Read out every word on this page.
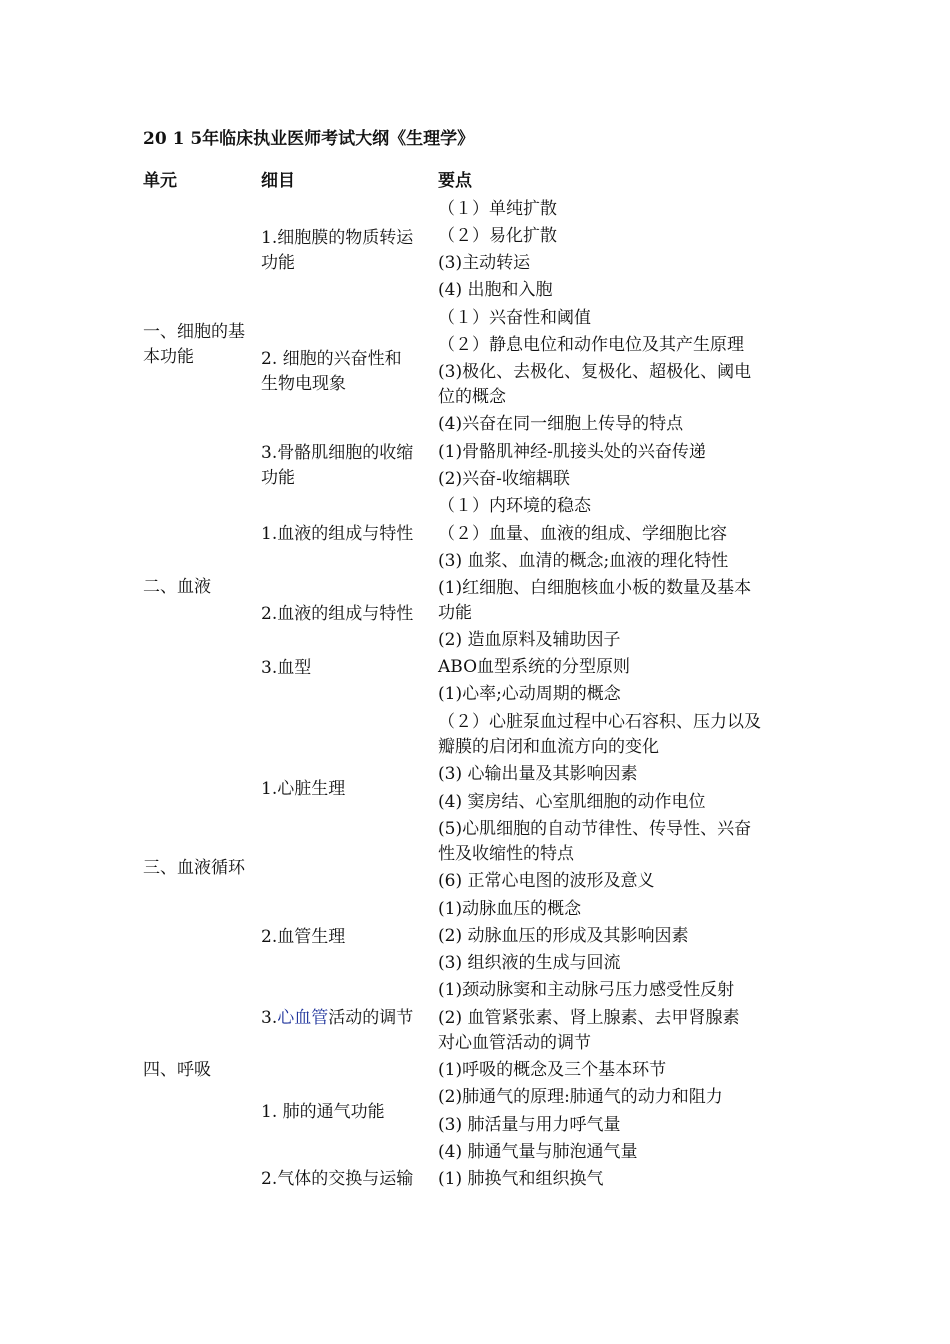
20 1 5年临床执业医师考试大纲《生理学》
单元	细目	要点
一、细胞的基
本功能
二、血液
三、血液循环
四、呼吸
1.细胞膜的物质转运
功能
2. 细胞的兴奋性和
生物电现象
3.骨骼肌细胞的收缩
功能
1.血液的组成与特性
2.血液的组成与特性
3.血型
1.心脏生理
2.血管生理
3.心血管活动的调节
1. 肺的通气功能
2.气体的交换与运输
（１）单纯扩散
（２）易化扩散
(3)主动转运
(4) 出胞和入胞
（１）兴奋性和阈值
（２）静息电位和动作电位及其产生原理
(3)极化、去极化、复极化、超极化、阈电
位的概念
(4)兴奋在同一细胞上传导的特点
(1)骨骼肌神经-肌接头处的兴奋传递
(2)兴奋-收缩耦联
（１）内环境的稳态
（２）血量、血液的组成、学细胞比容
(3) 血浆、血清的概念;血液的理化特性
(1)红细胞、白细胞核血小板的数量及基本
功能
(2) 造血原料及辅助因子
ABO血型系统的分型原则
(1)心率;心动周期的概念
（２）心脏泵血过程中心石容积、压力以及
瓣膜的启闭和血流方向的变化
(3) 心输出量及其影响因素
(4) 窦房结、心室肌细胞的动作电位
(5)心肌细胞的自动节律性、传导性、兴奋
性及收缩性的特点
(6) 正常心电图的波形及意义
(1)动脉血压的概念
(2) 动脉血压的形成及其影响因素
(3) 组织液的生成与回流
(1)颈动脉窦和主动脉弓压力感受性反射
(2) 血管紧张素、肾上腺素、去甲肾腺素
对心血管活动的调节
(1)呼吸的概念及三个基本环节
(2)肺通气的原理:肺通气的动力和阻力
(3) 肺活量与用力呼气量
(4) 肺通气量与肺泡通气量
(1) 肺换气和组织换气
